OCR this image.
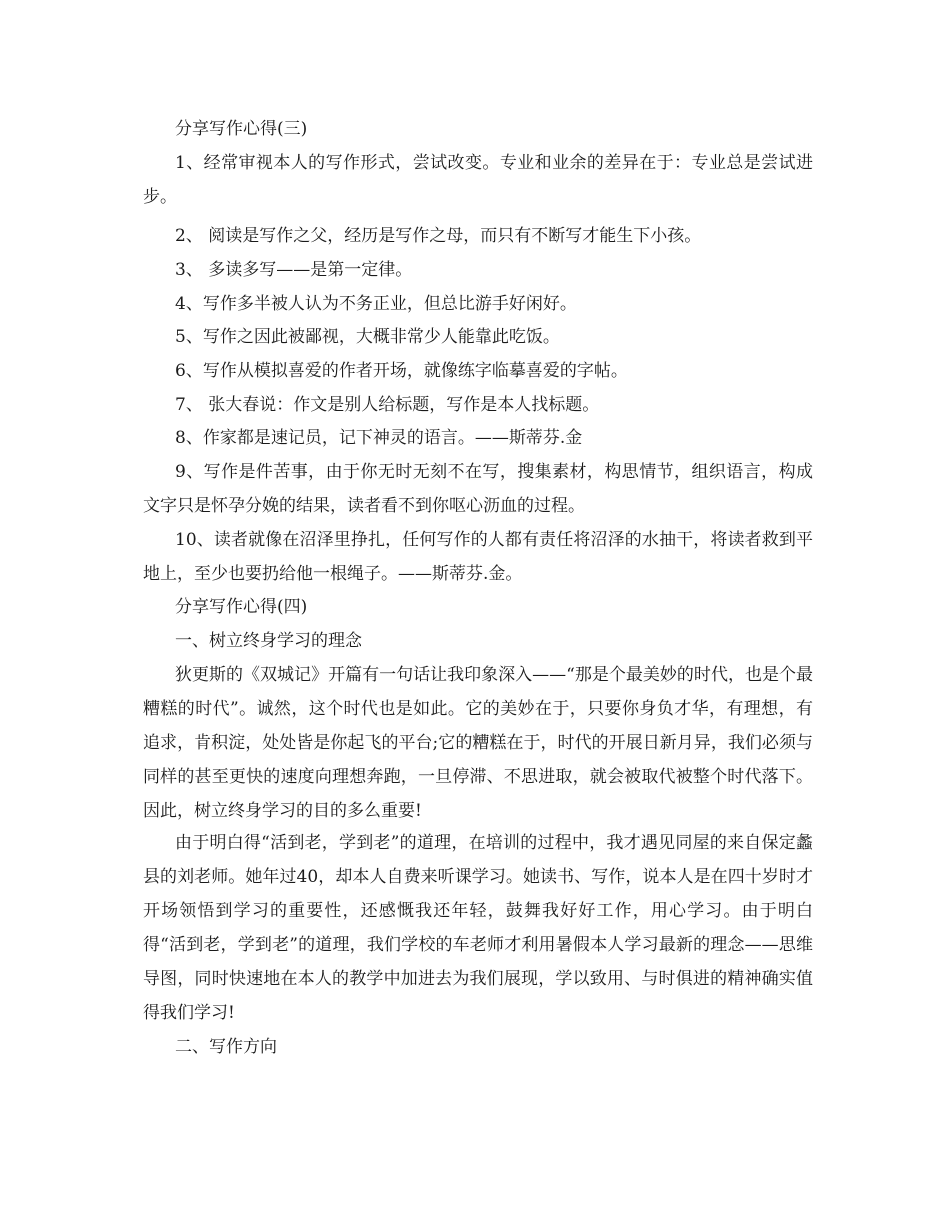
分享写作心得(三)

1、经常审视本人的写作形式，尝试改变。专业和业余的差异在于：专业总是尝试进步。

2、 阅读是写作之父，经历是写作之母，而只有不断写才能生下小孩。

3、 多读多写——是第一定律。

4、写作多半被人认为不务正业，但总比游手好闲好。

5、写作之因此被鄙视，大概非常少人能靠此吃饭。

6、写作从模拟喜爱的作者开场，就像练字临摹喜爱的字帖。

7、 张大春说：作文是别人给标题，写作是本人找标题。

8、作家都是速记员，记下神灵的语言。——斯蒂芬.金

9、写作是件苦事，由于你无时无刻不在写，搜集素材，构思情节，组织语言，构成文字只是怀孕分娩的结果，读者看不到你呕心沥血的过程。

10、读者就像在沼泽里挣扎，任何写作的人都有责任将沼泽的水抽干，将读者救到平地上，至少也要扔给他一根绳子。——斯蒂芬.金。

分享写作心得(四)

一、树立终身学习的理念

狄更斯的《双城记》开篇有一句话让我印象深入——“那是个最美妙的时代，也是个最糟糕的时代”。诚然，这个时代也是如此。它的美妙在于，只要你身负才华，有理想，有追求，肯积淀，处处皆是你起飞的平台;它的糟糕在于，时代的开展日新月异，我们必须与同样的甚至更快的速度向理想奔跑，一旦停滞、不思进取，就会被取代被整个时代落下。因此，树立终身学习的目的多么重要!

由于明白得“活到老，学到老”的道理，在培训的过程中，我才遇见同屋的来自保定蠡县的刘老师。她年过40，却本人自费来听课学习。她读书、写作，说本人是在四十岁时才开场领悟到学习的重要性，还感慨我还年轻，鼓舞我好好工作，用心学习。由于明白得“活到老，学到老”的道理，我们学校的车老师才利用暑假本人学习最新的理念——思维导图，同时快速地在本人的教学中加进去为我们展现，学以致用、与时俱进的精神确实值得我们学习!

二、写作方向
